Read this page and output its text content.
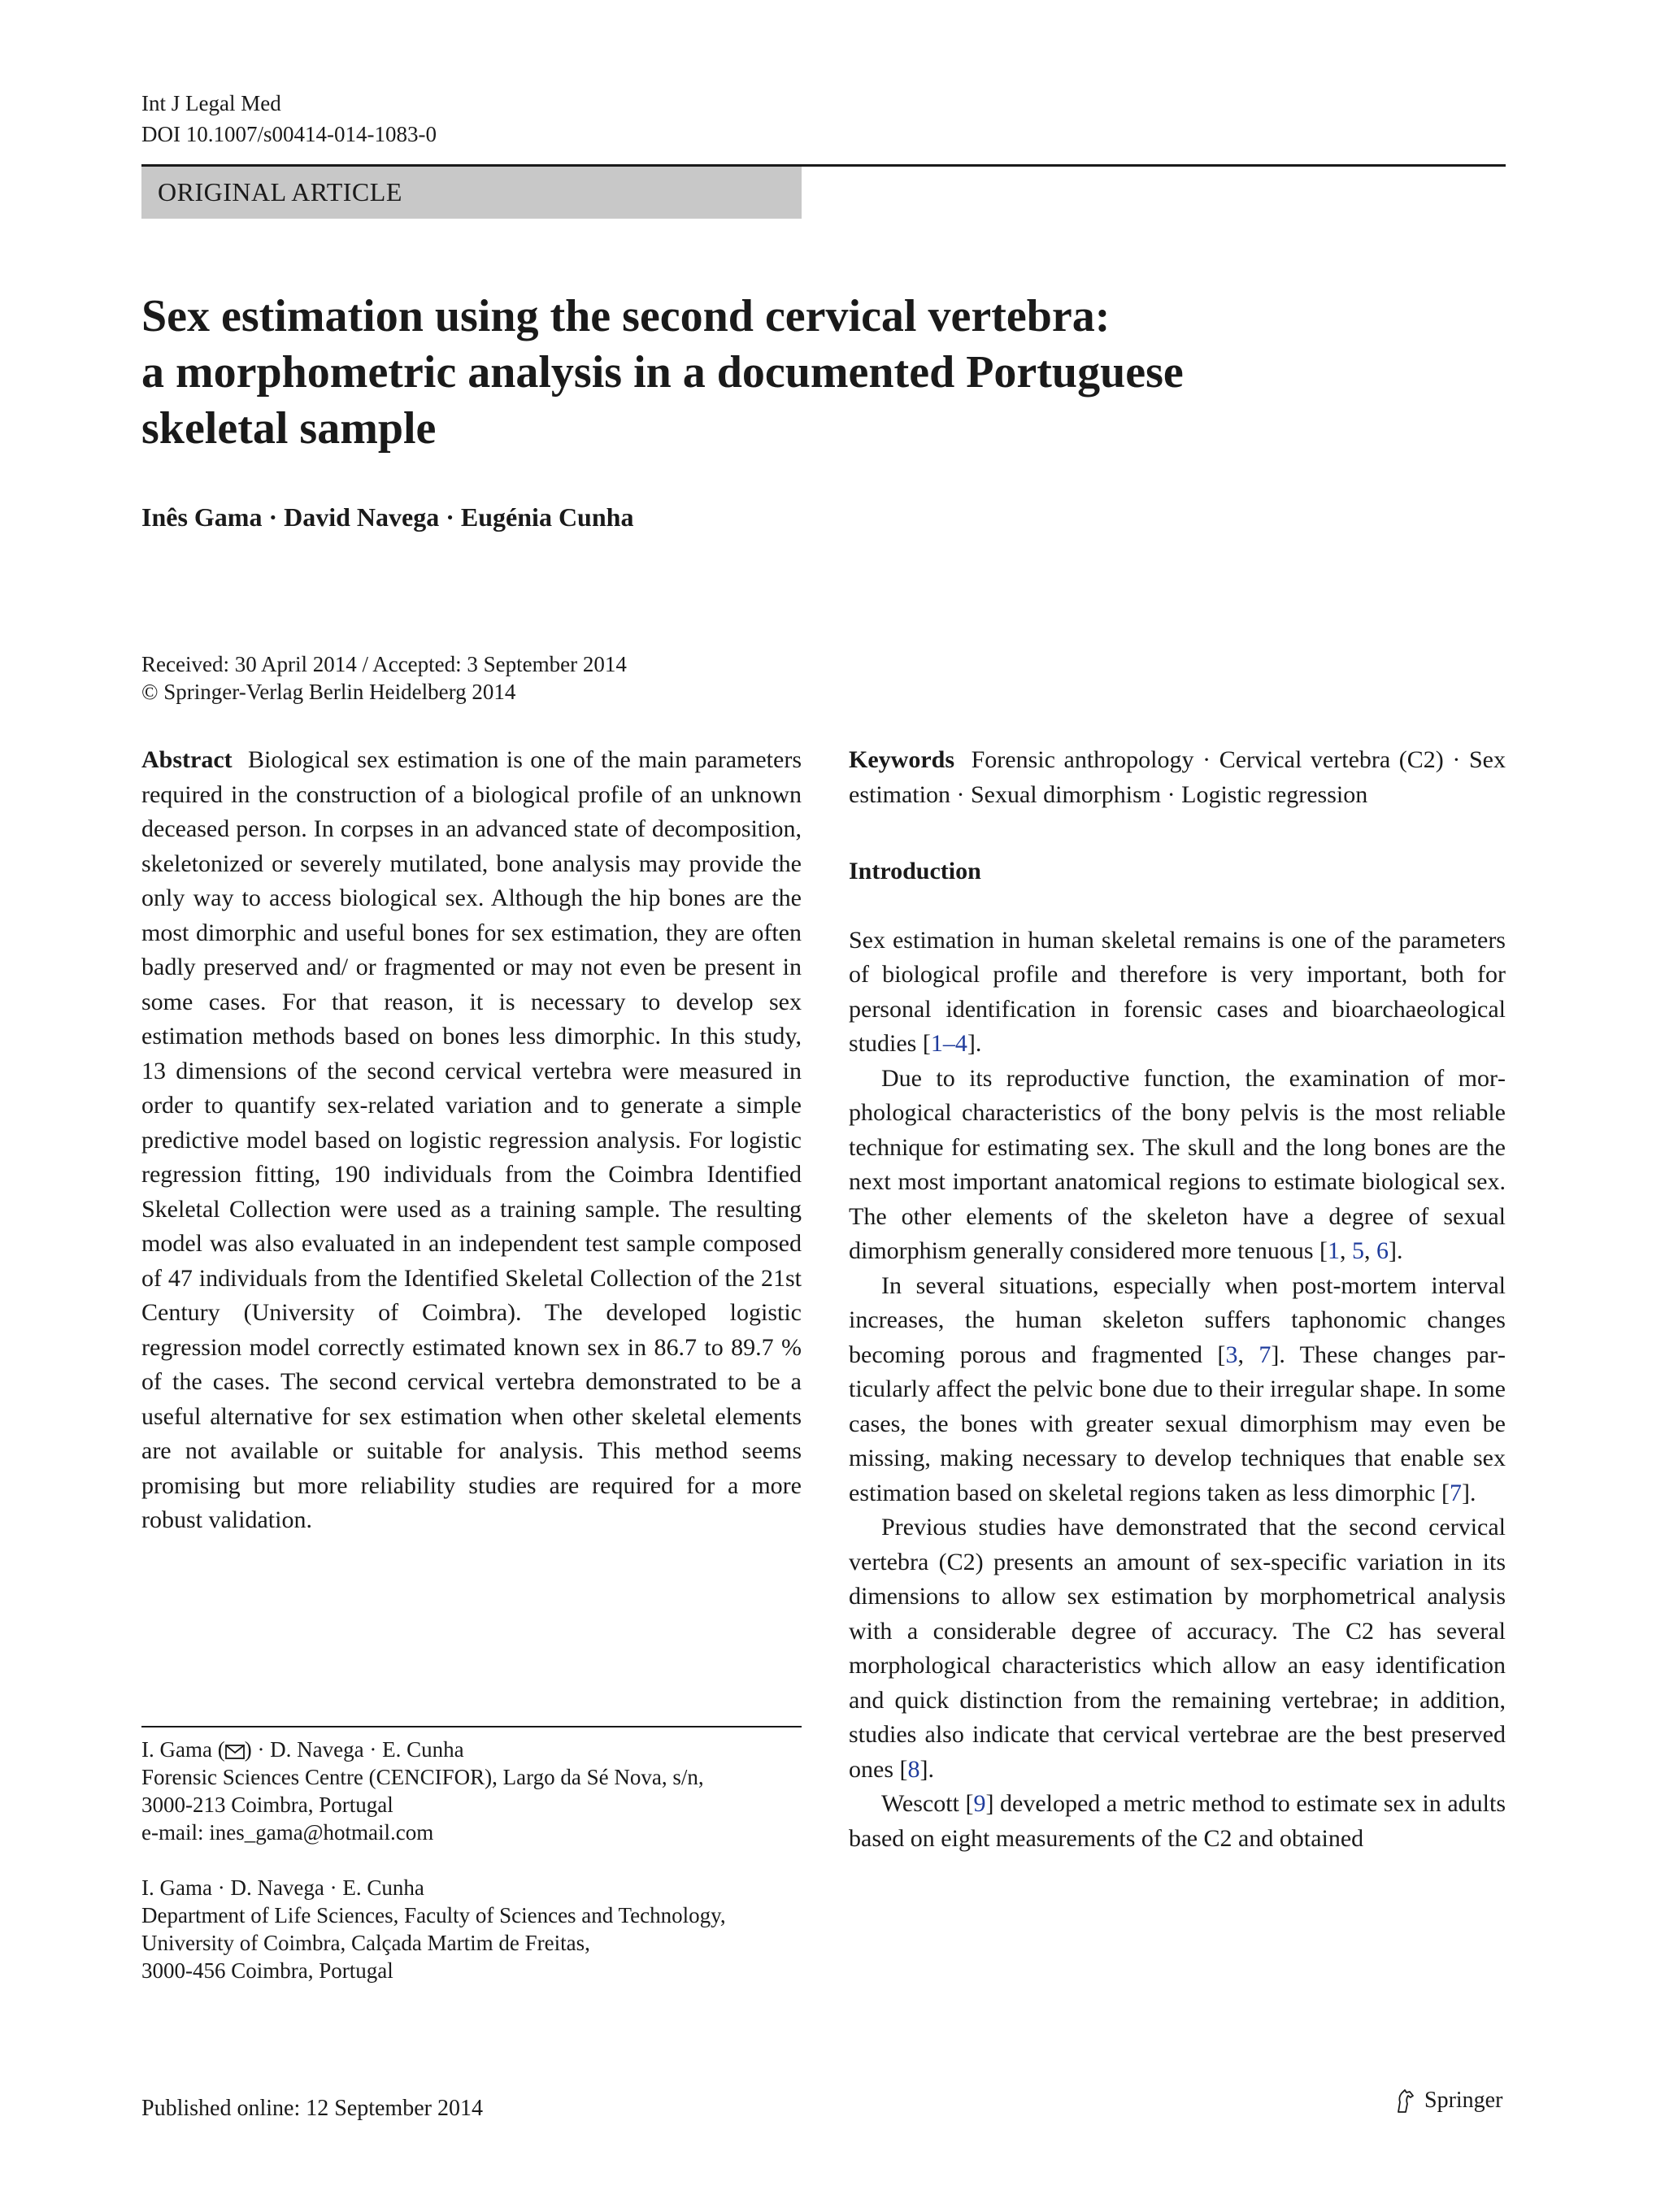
Int J Legal Med
DOI 10.1007/s00414-014-1083-0
ORIGINAL ARTICLE
Sex estimation using the second cervical vertebra:
a morphometric analysis in a documented Portuguese
skeletal sample
Inês Gama · David Navega · Eugénia Cunha
Received: 30 April 2014 / Accepted: 3 September 2014
© Springer-Verlag Berlin Heidelberg 2014

Abstract Biological sex estimation is one of the main parameters required in the construction of a biological profile of an unknown deceased person. In corpses in an advanced state of decomposition, skeletonized or severely mutilated, bone analysis may provide the only way to access biological sex. Although the hip bones are the most dimorphic and useful bones for sex estimation, they are often badly preserved and/ or fragmented or may not even be present in some cases. For that reason, it is necessary to develop sex estimation methods based on bones less dimorphic. In this study, 13 dimensions of the second cervical vertebra were measured in order to quantify sex-related variation and to generate a simple predictive model based on logistic regression analysis. For logistic regression fitting, 190 individuals from the Coimbra Identified Skeletal Collection were used as a training sample. The resulting model was also evaluated in an independent test sample composed of 47 individuals from the Identified Skeletal Collection of the 21st Century (University of Coimbra). The developed logistic regression model correctly estimated known sex in 86.7 to 89.7 % of the cases. The second cervical vertebra demonstrated to be a useful alternative for sex estimation when other skeletal elements are not available or suitable for analysis. This method seems promising but more reliability studies are required for a more robust validation.

Keywords Forensic anthropology · Cervical vertebra (C2) · Sex estimation · Sexual dimorphism · Logistic regression

Introduction

Sex estimation in human skeletal remains is one of the parameters of biological profile and therefore is very important, both for personal identification in forensic cases and bioarchaeological studies [1–4].

Due to its reproductive function, the examination of morphological characteristics of the bony pelvis is the most reliable technique for estimating sex. The skull and the long bones are the next most important anatomical regions to estimate biological sex. The other elements of the skeleton have a degree of sexual dimorphism generally considered more tenuous [1, 5, 6].

In several situations, especially when post-mortem interval increases, the human skeleton suffers taphonomic changes becoming porous and fragmented [3, 7]. These changes particularly affect the pelvic bone due to their irregular shape. In some cases, the bones with greater sexual dimorphism may even be missing, making necessary to develop techniques that enable sex estimation based on skeletal regions taken as less dimorphic [7].

Previous studies have demonstrated that the second cervical vertebra (C2) presents an amount of sex-specific variation in its dimensions to allow sex estimation by morphometrical analysis with a considerable degree of accuracy. The C2 has several morphological characteristics which allow an easy identification and quick distinction from the remaining vertebrae; in addition, studies also indicate that cervical vertebrae are the best preserved ones [8].

Wescott [9] developed a metric method to estimate sex in adults based on eight measurements of the C2 and obtained

I. Gama ( ) · D. Navega · E. Cunha
Forensic Sciences Centre (CENCIFOR), Largo da Sé Nova, s/n,
3000-213 Coimbra, Portugal
e-mail: ines_gama@hotmail.com
I. Gama · D. Navega · E. Cunha
Department of Life Sciences, Faculty of Sciences and Technology,
University of Coimbra, Calçada Martim de Freitas,
3000-456 Coimbra, Portugal
Published online: 12 September 2014	Springer
